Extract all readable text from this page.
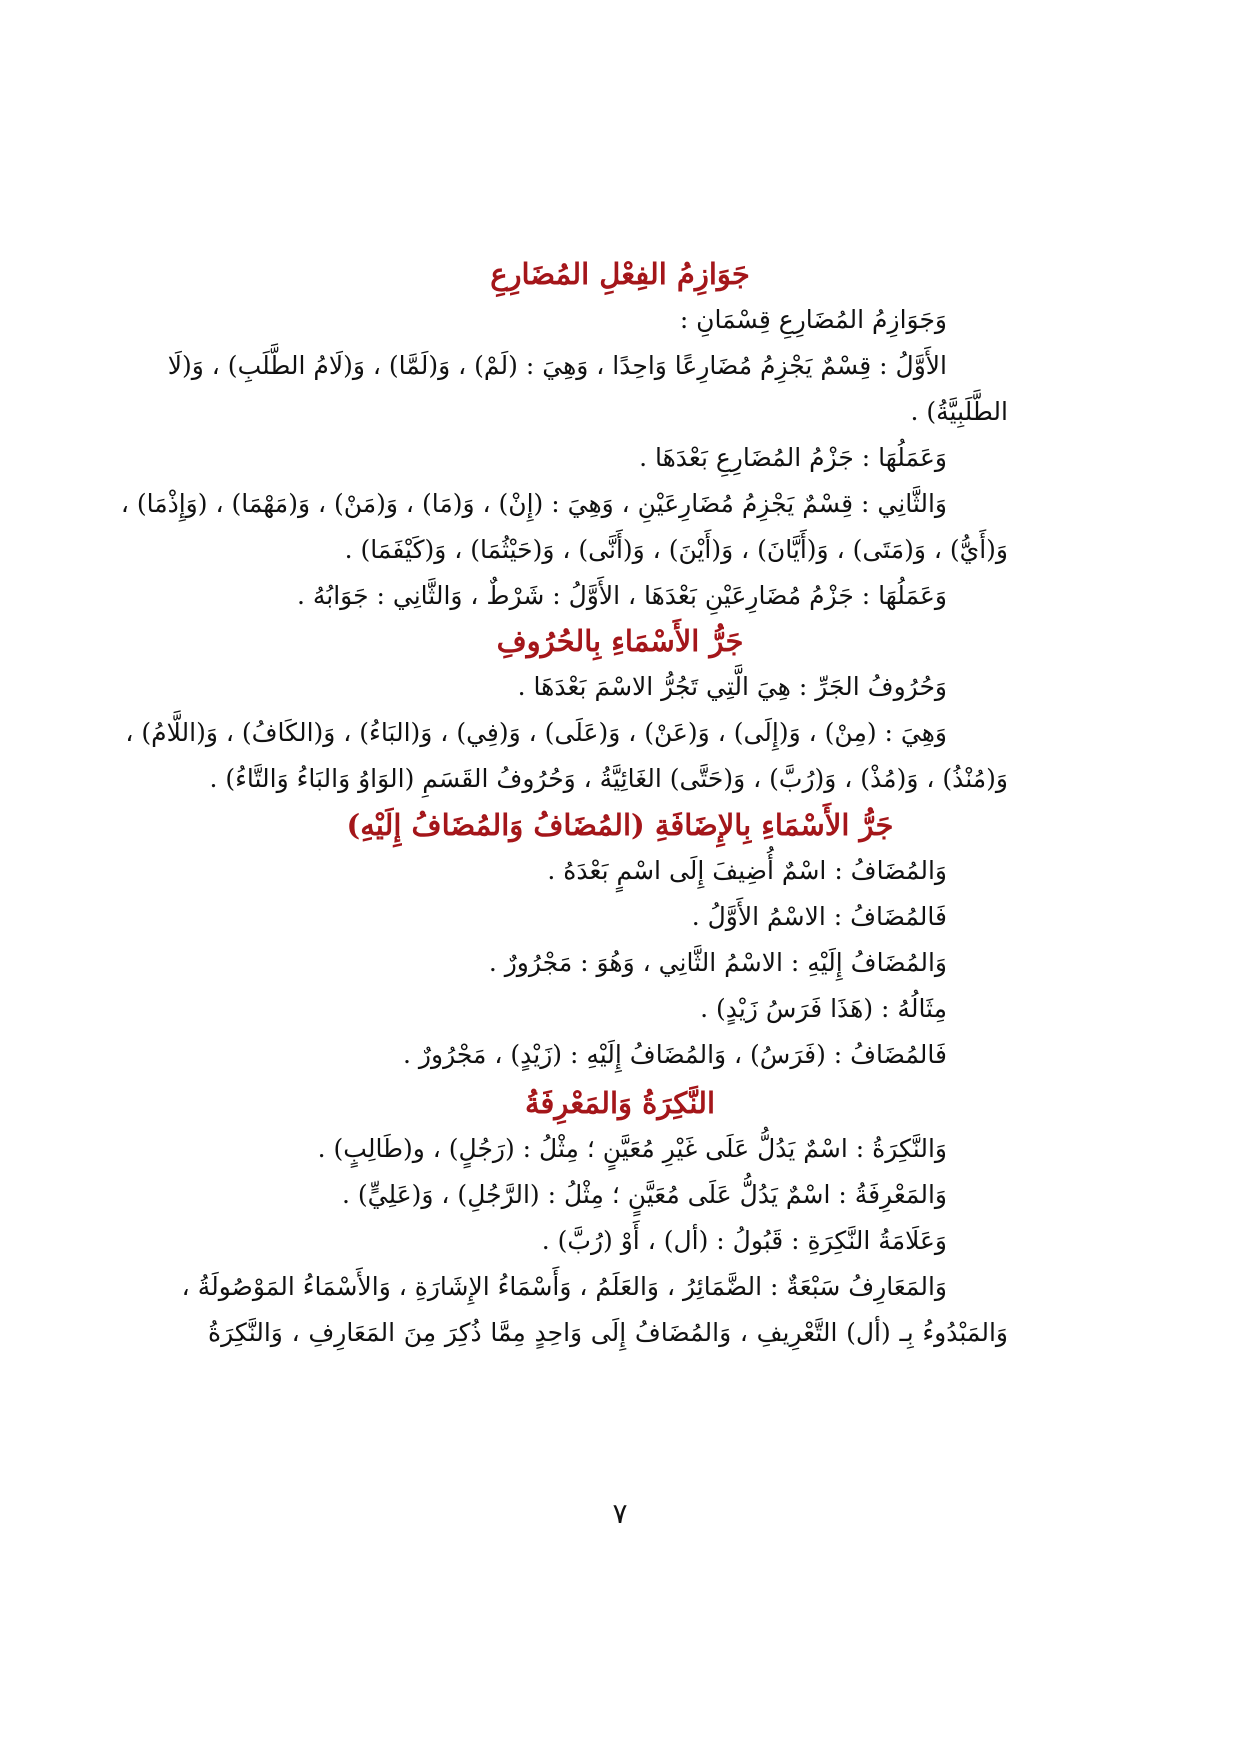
جَوَازِمُ الفِعْلِ المُضَارِعِ
وَجَوَازِمُ المُضَارِعِ قِسْمَانِ :
الأَوَّلُ : قِسْمٌ يَجْزِمُ مُضَارِعًا وَاحِدًا ، وَهِيَ : (لَمْ) ، وَ(لَمَّا) ، وَ(لَامُ الطَّلَبِ) ، وَ(لَا
الطَّلَبِيَّةُ) .
وَعَمَلُهَا : جَزْمُ المُضَارِعِ بَعْدَهَا .
وَالثَّانِي : قِسْمٌ يَجْزِمُ مُضَارِعَيْنِ ، وَهِيَ : (إِنْ) ، وَ(مَا) ، وَ(مَنْ) ، وَ(مَهْمَا) ، (وَإِذْمَا) ،
وَ(أَيُّ) ، وَ(مَتَى) ، وَ(أَيَّانَ) ، وَ(أَيْنَ) ، وَ(أَنَّى) ، وَ(حَيْثُمَا) ، وَ(كَيْفَمَا) .
وَعَمَلُهَا : جَزْمُ مُضَارِعَيْنِ بَعْدَهَا ، الأَوَّلُ : شَرْطٌ ، وَالثَّانِي : جَوَابُهُ .
جَرُّ الأَسْمَاءِ بِالحُرُوفِ
وَحُرُوفُ الجَرِّ : هِيَ الَّتِي تَجُرُّ الاسْمَ بَعْدَهَا .
وَهِيَ : (مِنْ) ، وَ(إِلَى) ، وَ(عَنْ) ، وَ(عَلَى) ، وَ(فِي) ، وَ(البَاءُ) ، وَ(الكَافُ) ، وَ(اللَّامُ) ،
وَ(مُنْذُ) ، وَ(مُذْ) ، وَ(رُبَّ) ، وَ(حَتَّى) الغَائِيَّةُ ، وَحُرُوفُ القَسَمِ (الوَاوُ وَالبَاءُ وَالتَّاءُ) .
جَرُّ الأَسْمَاءِ بِالإِضَافَةِ (المُضَافُ وَالمُضَافُ إِلَيْهِ)
وَالمُضَافُ : اسْمٌ أُضِيفَ إِلَى اسْمٍ بَعْدَهُ .
فَالمُضَافُ : الاسْمُ الأَوَّلُ .
وَالمُضَافُ إِلَيْهِ : الاسْمُ الثَّانِي ، وَهُوَ : مَجْرُورٌ .
مِثَالُهُ : (هَذَا فَرَسُ زَيْدٍ) .
فَالمُضَافُ : (فَرَسُ) ، وَالمُضَافُ إِلَيْهِ : (زَيْدٍ) ، مَجْرُورٌ .
النَّكِرَةُ وَالمَعْرِفَةُ
وَالنَّكِرَةُ : اسْمٌ يَدُلُّ عَلَى غَيْرِ مُعَيَّنٍ ؛ مِثْلُ : (رَجُلٍ) ، و(طَالِبٍ) .
وَالمَعْرِفَةُ : اسْمٌ يَدُلُّ عَلَى مُعَيَّنٍ ؛ مِثْلُ : (الرَّجُلِ) ، وَ(عَلِيٍّ) .
وَعَلَامَةُ النَّكِرَةِ : قَبُولُ : (أل) ، أَوْ (رُبَّ) .
وَالمَعَارِفُ سَبْعَةٌ : الضَّمَائِرُ ، وَالعَلَمُ ، وَأَسْمَاءُ الإِشَارَةِ ، وَالأَسْمَاءُ المَوْصُولَةُ ،
وَالمَبْدُوءُ بِـ (أل) التَّعْرِيفِ ، وَالمُضَافُ إِلَى وَاحِدٍ مِمَّا ذُكِرَ مِنَ المَعَارِفِ ، وَالنَّكِرَةُ
٧
